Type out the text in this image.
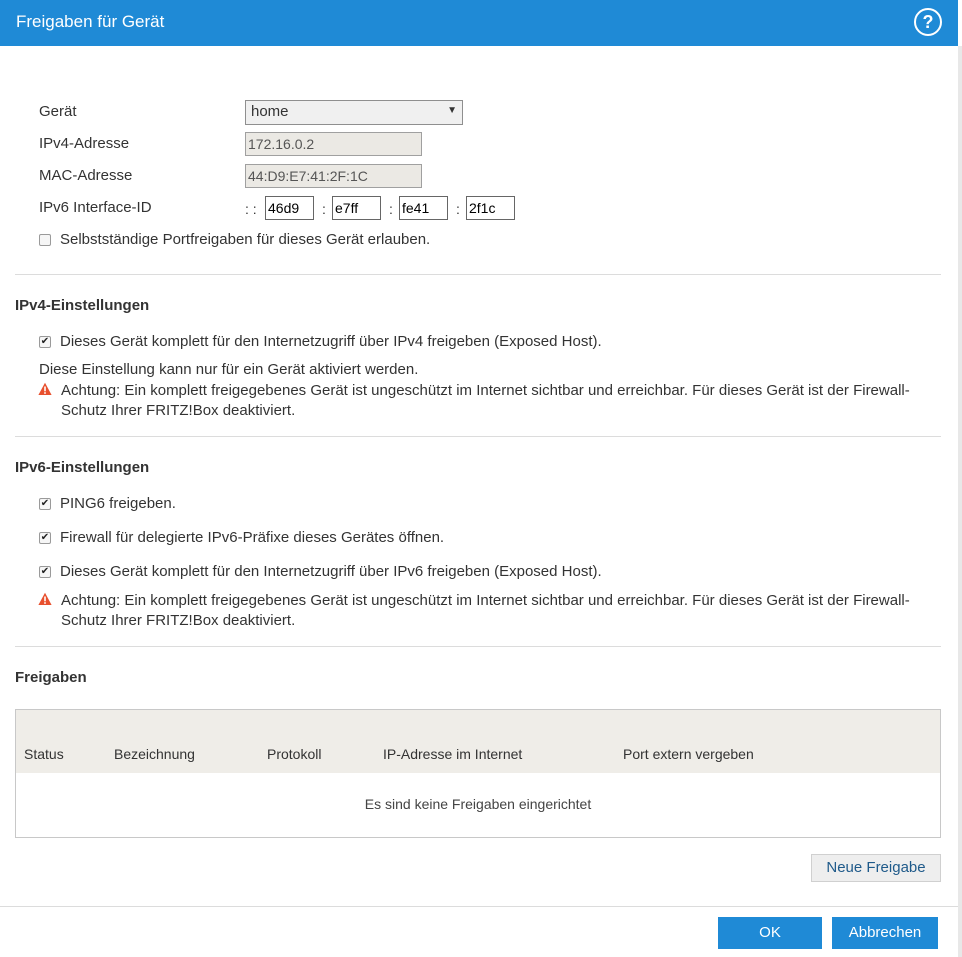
Freigaben für Gerät	?
Gerät	home	▼
IPv4-Adresse	172.16.0.2
MAC-Adresse	44:D9:E7:41:2F:1C
IPv6 Interface-ID	: :
46d9	:
e7ff	:
fe41	:
2f1c
Selbstständige Portfreigaben für dieses Gerät erlauben.
IPv4-Einstellungen
✔ Dieses Gerät komplett für den Internetzugriff über IPv4 freigeben (Exposed Host).
Diese Einstellung kann nur für ein Gerät aktiviert werden.
Achtung: Ein komplett freigegebenes Gerät ist ungeschützt im Internet sichtbar und erreichbar. Für dieses Gerät ist der Firewall-Schutz Ihrer FRITZ!Box deaktiviert.
IPv6-Einstellungen
✔ PING6 freigeben.
✔ Firewall für delegierte IPv6-Präfixe dieses Gerätes öffnen.
✔ Dieses Gerät komplett für den Internetzugriff über IPv6 freigeben (Exposed Host).
Achtung: Ein komplett freigegebenes Gerät ist ungeschützt im Internet sichtbar und erreichbar. Für dieses Gerät ist der Firewall-Schutz Ihrer FRITZ!Box deaktiviert.
Freigaben
Status	Bezeichnung	Protokoll	IP-Adresse im Internet	Port extern vergeben
Es sind keine Freigaben eingerichtet
Neue Freigabe
OK	Abbrechen
